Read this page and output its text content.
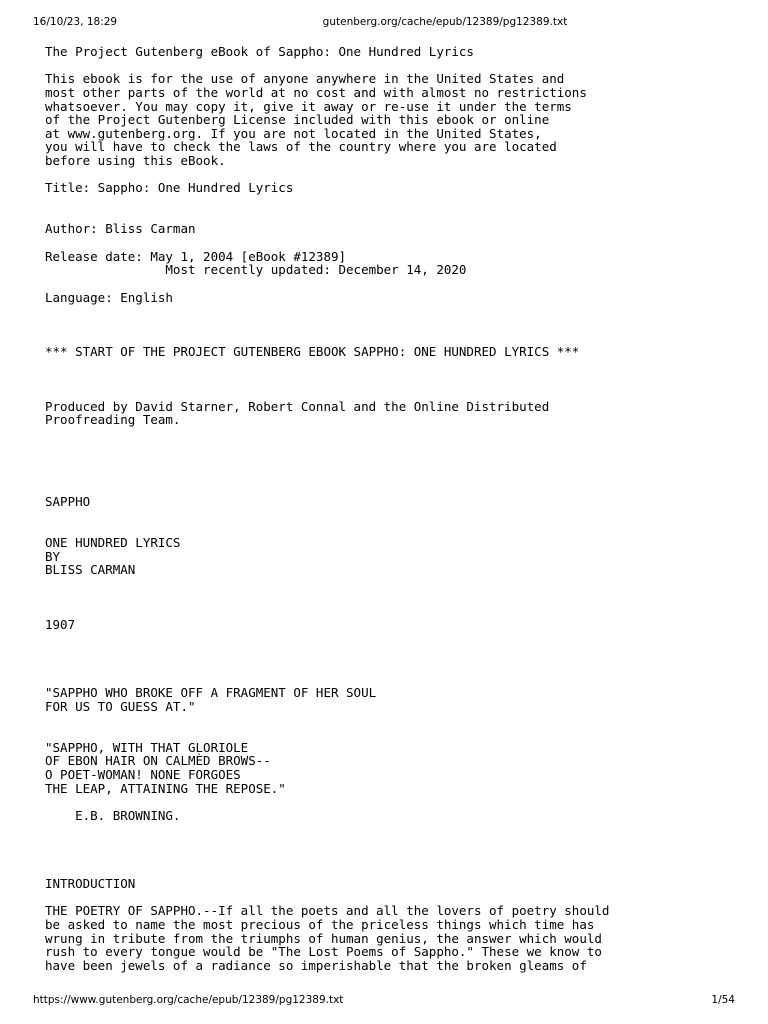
16/10/23, 18:29	gutenberg.org/cache/epub/12389/pg12389.txt
The Project Gutenberg eBook of Sappho: One Hundred Lyrics
This ebook is for the use of anyone anywhere in the United States and
most other parts of the world at no cost and with almost no restrictions
whatsoever. You may copy it, give it away or re-use it under the terms
of the Project Gutenberg License included with this ebook or online
at www.gutenberg.org. If you are not located in the United States,
you will have to check the laws of the country where you are located
before using this eBook.
Title: Sappho: One Hundred Lyrics
Author: Bliss Carman
Release date: May 1, 2004 [eBook #12389]
Most recently updated: December 14, 2020
Language: English
*** START OF THE PROJECT GUTENBERG EBOOK SAPPHO: ONE HUNDRED LYRICS ***
Produced by David Starner, Robert Connal and the Online Distributed
Proofreading Team.
SAPPHO
ONE HUNDRED LYRICS
BY
BLISS CARMAN
1907
"SAPPHO WHO BROKE OFF A FRAGMENT OF HER SOUL
FOR US TO GUESS AT."
"SAPPHO, WITH THAT GLORIOLE
OF EBON HAIR ON CALMÈD BROWS--
O POET-WOMAN! NONE FORGOES
THE LEAP, ATTAINING THE REPOSE."
E.B. BROWNING.
INTRODUCTION
THE POETRY OF SAPPHO.--If all the poets and all the lovers of poetry should
be asked to name the most precious of the priceless things which time has
wrung in tribute from the triumphs of human genius, the answer which would
rush to every tongue would be "The Lost Poems of Sappho." These we know to
have been jewels of a radiance so imperishable that the broken gleams of
https://www.gutenberg.org/cache/epub/12389/pg12389.txt	1/54
